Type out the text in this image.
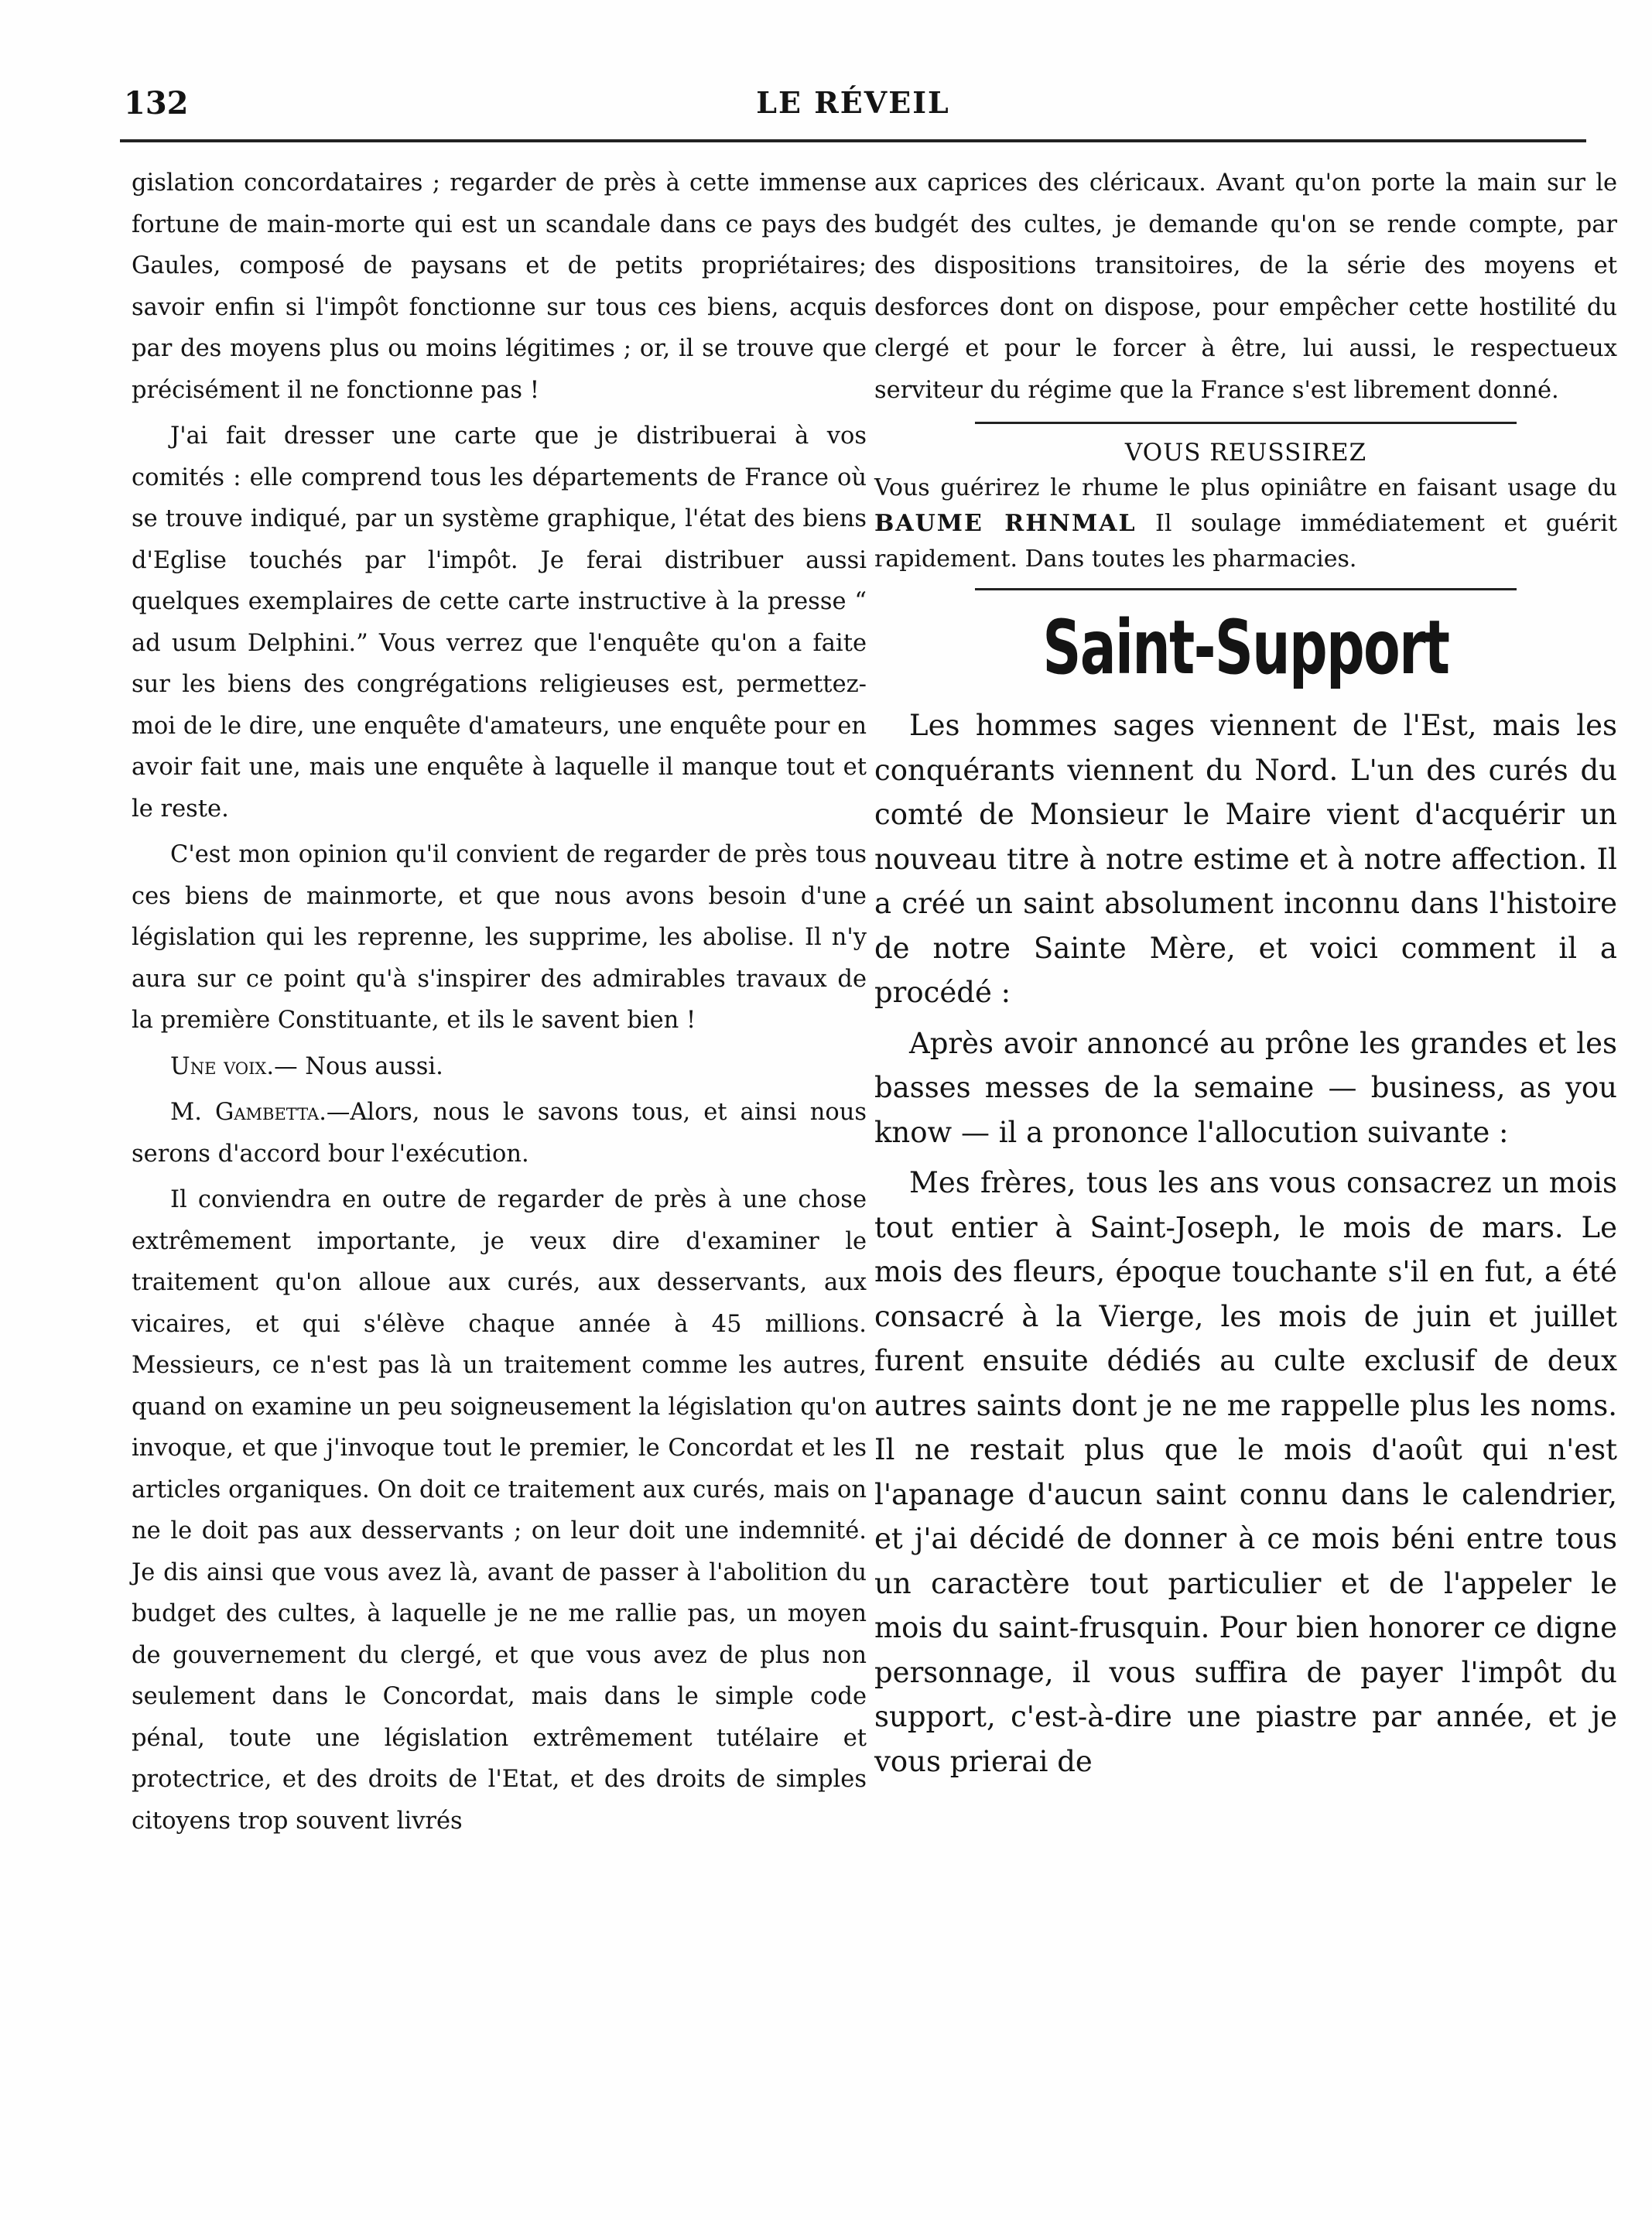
132	LE RÉVEIL

gislation concordataires ; regarder de près à cette immense fortune de main-morte qui est un scandale dans ce pays des Gaules, composé de paysans et de petits propriétaires; savoir enfin si l'impôt fonctionne sur tous ces biens, acquis par des moyens plus ou moins légitimes ; or, il se trouve que précisément il ne fonctionne pas !

J'ai fait dresser une carte que je distribuerai à vos comités : elle comprend tous les départements de France où se trouve indiqué, par un système graphique, l'état des biens d'Eglise touchés par l'impôt. Je ferai distribuer aussi quelques exemplaires de cette carte instructive à la presse “ ad usum Delphini.” Vous verrez que l'enquête qu'on a faite sur les biens des congrégations religieuses est, permettez-moi de le dire, une enquête d'amateurs, une enquête pour en avoir fait une, mais une enquête à laquelle il manque tout et le reste.

C'est mon opinion qu'il convient de regarder de près tous ces biens de mainmorte, et que nous avons besoin d'une législation qui les reprenne, les supprime, les abolise. Il n'y aura sur ce point qu'à s'inspirer des admirables travaux de la première Constituante, et ils le savent bien !

Une voix.— Nous aussi.

M. Gambetta.—Alors, nous le savons tous, et ainsi nous serons d'accord bour l'exécution.

Il conviendra en outre de regarder de près à une chose extrêmement importante, je veux dire d'examiner le traitement qu'on alloue aux curés, aux desservants, aux vicaires, et qui s'élève chaque année à 45 millions. Messieurs, ce n'est pas là un traitement comme les autres, quand on examine un peu soigneusement la législation qu'on invoque, et que j'invoque tout le premier, le Concordat et les articles organiques. On doit ce traitement aux curés, mais on ne le doit pas aux desservants ; on leur doit une indemnité. Je dis ainsi que vous avez là, avant de passer à l'abolition du budget des cultes, à laquelle je ne me rallie pas, un moyen de gouvernement du clergé, et que vous avez de plus non seulement dans le Concordat, mais dans le simple code pénal, toute une législation extrêmement tutélaire et protectrice, et des droits de l'Etat, et des droits de simples citoyens trop souvent livrés

aux caprices des cléricaux. Avant qu'on porte la main sur le budgét des cultes, je demande qu'on se rende compte, par des dispositions transitoires, de la série des moyens et desforces dont on dispose, pour empêcher cette hostilité du clergé et pour le forcer à être, lui aussi, le respectueux serviteur du régime que la France s'est librement donné.

VOUS REUSSIREZ

Vous guérirez le rhume le plus opiniâtre en faisant usage du BAUME RHNMAL Il soulage immédiatement et guérit rapidement. Dans toutes les pharmacies.

Saint-Support

Les hommes sages viennent de l'Est, mais les conquérants viennent du Nord. L'un des curés du comté de Monsieur le Maire vient d'acquérir un nouveau titre à notre estime et à notre affection. Il a créé un saint absolument inconnu dans l'histoire de notre Sainte Mère, et voici comment il a procédé :

Après avoir annoncé au prône les grandes et les basses messes de la semaine — business, as you know — il a prononce l'allocution suivante :

Mes frères, tous les ans vous consacrez un mois tout entier à Saint-Joseph, le mois de mars. Le mois des fleurs, époque touchante s'il en fut, a été consacré à la Vierge, les mois de juin et juillet furent ensuite dédiés au culte exclusif de deux autres saints dont je ne me rappelle plus les noms. Il ne restait plus que le mois d'août qui n'est l'apanage d'aucun saint connu dans le calendrier, et j'ai décidé de donner à ce mois béni entre tous un caractère tout particulier et de l'appeler le mois du saint-frusquin. Pour bien honorer ce digne personnage, il vous suffira de payer l'impôt du support, c'est-à-dire une piastre par année, et je vous prierai de
